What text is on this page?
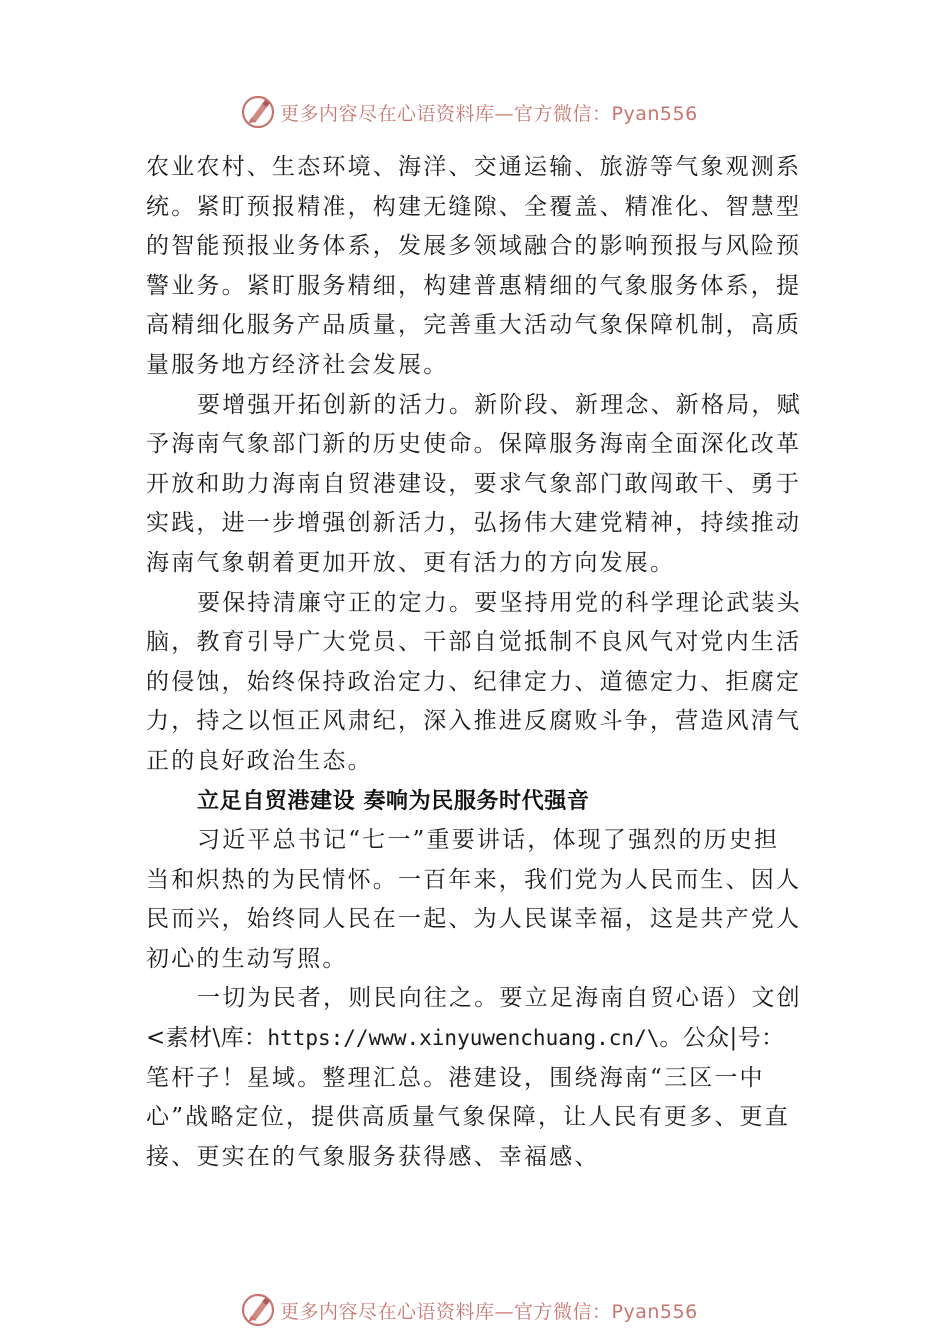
更多内容尽在心语资料库—官方微信：Pyan556
农业农村、生态环境、海洋、交通运输、旅游等气象观测系
统。紧盯预报精准，构建无缝隙、全覆盖、精准化、智慧型
的智能预报业务体系，发展多领域融合的影响预报与风险预
警业务。紧盯服务精细，构建普惠精细的气象服务体系，提
高精细化服务产品质量，完善重大活动气象保障机制，高质
量服务地方经济社会发展。
要增强开拓创新的活力。新阶段、新理念、新格局，赋
予海南气象部门新的历史使命。保障服务海南全面深化改革
开放和助力海南自贸港建设，要求气象部门敢闯敢干、勇于
实践，进一步增强创新活力，弘扬伟大建党精神，持续推动
海南气象朝着更加开放、更有活力的方向发展。
要保持清廉守正的定力。要坚持用党的科学理论武装头
脑，教育引导广大党员、干部自觉抵制不良风气对党内生活
的侵蚀，始终保持政治定力、纪律定力、道德定力、拒腐定
力，持之以恒正风肃纪，深入推进反腐败斗争，营造风清气
正的良好政治生态。
立足自贸港建设 奏响为民服务时代强音
习近平总书记“七一”重要讲话，体现了强烈的历史担
当和炽热的为民情怀。一百年来，我们党为人民而生、因人
民而兴，始终同人民在一起、为人民谋幸福，这是共产党人
初心的生动写照。
一切为民者，则民向往之。要立足海南自贸心语）文创
<素材\库：https://www.xinyuwenchuang.cn/\。公众|号：
笔杆子！星域。整理汇总。港建设，围绕海南“三区一中
心”战略定位，提供高质量气象保障，让人民有更多、更直
接、更实在的气象服务获得感、幸福感、
更多内容尽在心语资料库—官方微信：Pyan556
